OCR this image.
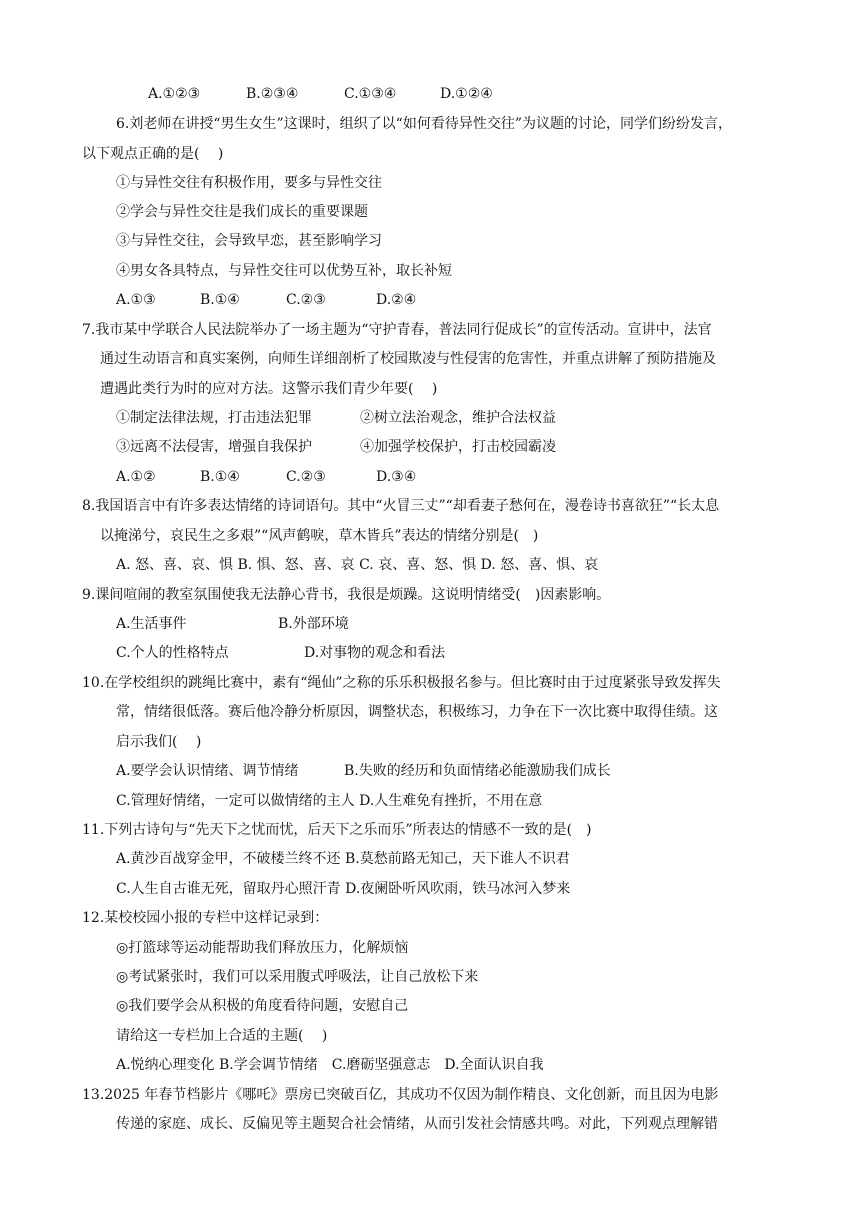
A.①②③	B.②③④	C.①③④	D.①②④
6.刘老师在讲授“男生女生”这课时，组织了以“如何看待异性交往”为议题的讨论，同学们纷纷发言，
以下观点正确的是(　 )
①与异性交往有积极作用，要多与异性交往
②学会与异性交往是我们成长的重要课题
③与异性交往，会导致早恋，甚至影响学习
④男女各具特点，与异性交往可以优势互补，取长补短
A.①③	B.①④	C.②③	D.②④
7.我市某中学联合人民法院举办了一场主题为“守护青春，普法同行促成长”的宣传活动。宣讲中，法官
通过生动语言和真实案例，向师生详细剖析了校园欺凌与性侵害的危害性，并重点讲解了预防措施及
遭遇此类行为时的应对方法。这警示我们青少年要(　 )
①制定法律法规，打击违法犯罪	②树立法治观念，维护合法权益
③远离不法侵害，增强自我保护	④加强学校保护，打击校园霸凌
A.①②	B.①④	C.②③	D.③④
8.我国语言中有许多表达情绪的诗词语句。其中“火冒三丈”“却看妻子愁何在，漫卷诗书喜欲狂”“长太息
以掩涕兮，哀民生之多艰”“风声鹤唳，草木皆兵”表达的情绪分别是(　)
A. 怒、喜、哀、惧 B. 惧、怒、喜、哀 C. 哀、喜、怒、惧 D. 怒、喜、惧、哀
9.课间喧闹的教室氛围使我无法静心背书，我很是烦躁。这说明情绪受(　)因素影响。
A.生活事件	B.外部环境
C.个人的性格特点	D.对事物的观念和看法
10.在学校组织的跳绳比赛中，素有“绳仙”之称的乐乐积极报名参与。但比赛时由于过度紧张导致发挥失
常，情绪很低落。赛后他冷静分析原因，调整状态，积极练习，力争在下一次比赛中取得佳绩。这
启示我们(　 )
A.要学会认识情绪、调节情绪	B.失败的经历和负面情绪必能激励我们成长
C.管理好情绪，一定可以做情绪的主人 D.人生难免有挫折，不用在意
11.下列古诗句与“先天下之忧而忧，后天下之乐而乐”所表达的情感不一致的是(　)
A.黄沙百战穿金甲，不破楼兰终不还 B.莫愁前路无知己，天下谁人不识君
C.人生自古谁无死，留取丹心照汗青 D.夜阑卧听风吹雨，铁马冰河入梦来
12.某校校园小报的专栏中这样记录到：
◎打篮球等运动能帮助我们释放压力，化解烦恼
◎考试紧张时，我们可以采用腹式呼吸法，让自己放松下来
◎我们要学会从积极的角度看待问题，安慰自己
请给这一专栏加上合适的主题(　 )
A.悦纳心理变化 B.学会调节情绪　C.磨砺坚强意志　D.全面认识自我
13.2025 年春节档影片《哪吒》票房已突破百亿，其成功不仅因为制作精良、文化创新，而且因为电影
传递的家庭、成长、反偏见等主题契合社会情绪，从而引发社会情感共鸣。对此，下列观点理解错
